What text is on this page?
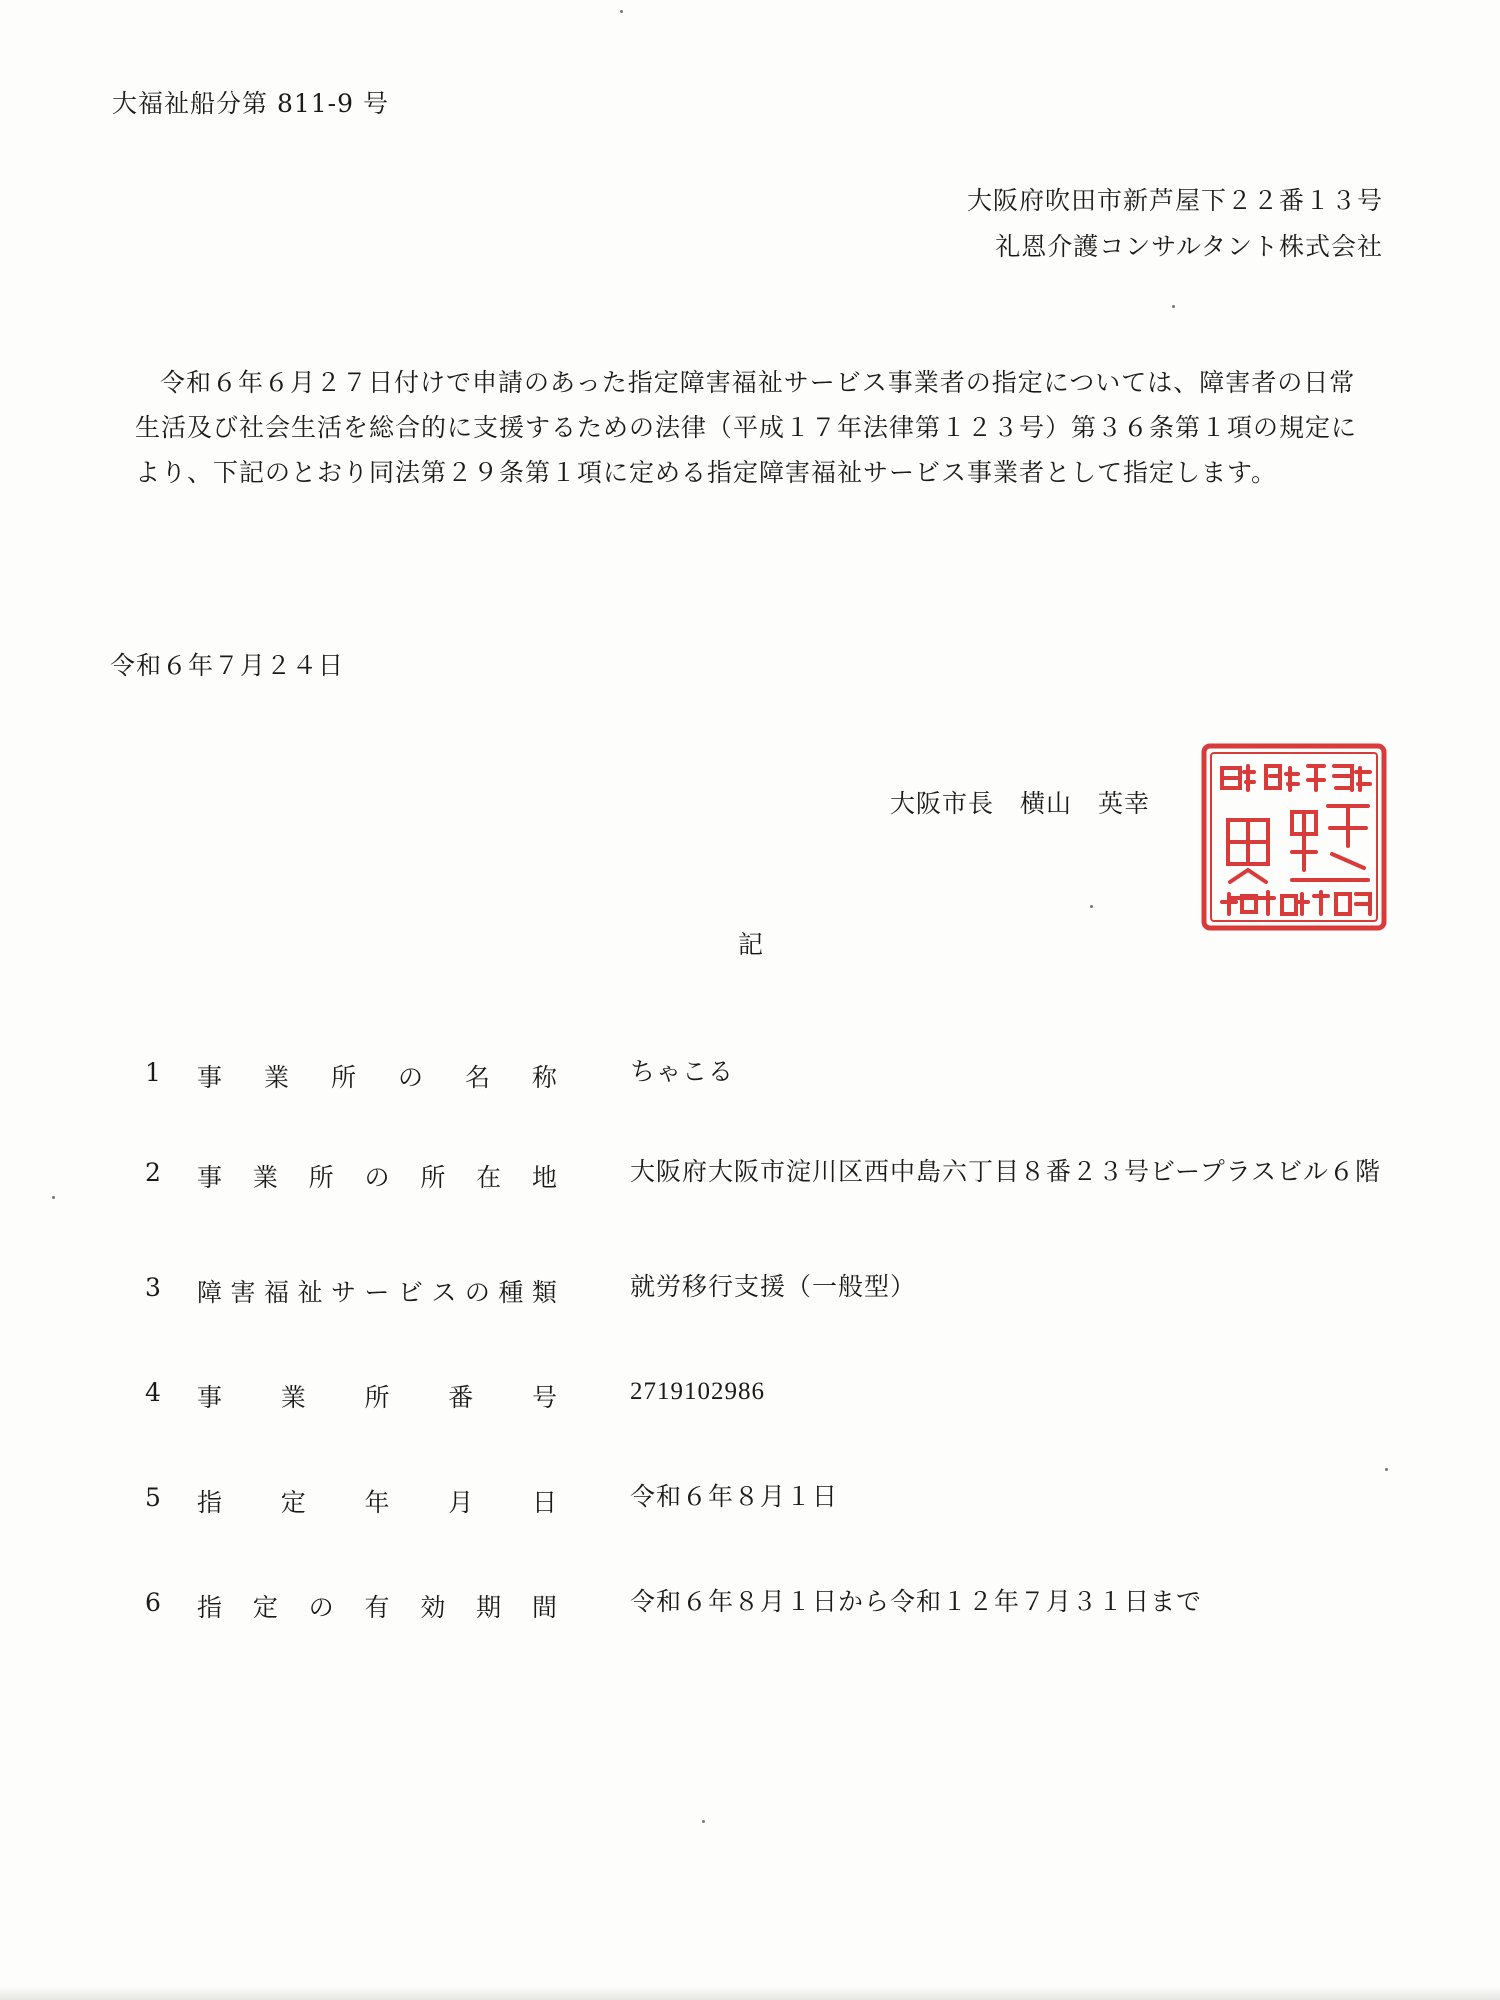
大福祉船分第 811-9 号
大阪府吹田市新芦屋下２２番１３号
礼恩介護コンサルタント株式会社

令和６年６月２７日付けで申請のあった指定障害福祉サービス事業者の指定については、障害者の日常生活及び社会生活を総合的に支援するための法律（平成１７年法律第１２３号）第３６条第１項の規定により、下記のとおり同法第２９条第１項に定める指定障害福祉サービス事業者として指定します。

令和６年７月２４日
大阪市長　横山　英幸
記
1	事 業 所 の 名 称	ちゃこる
2	事 業 所 の 所 在 地	大阪府大阪市淀川区西中島六丁目８番２３号ビープラスビル６階
3	障 害 福 祉 サ ー ビ ス の 種 類	就労移行支援（一般型）
4	事 業 所 番 号	2719102986
5	指 定 年 月 日	令和６年８月１日
6	指 定 の 有 効 期 間	令和６年８月１日から令和１２年７月３１日まで
